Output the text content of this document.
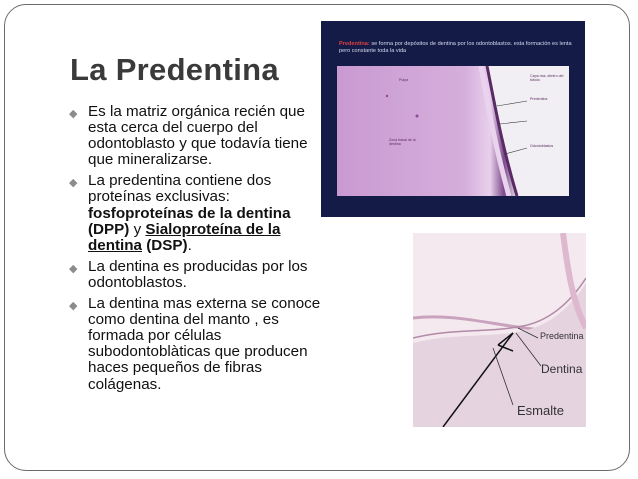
La Predentina
◆ Es la matriz orgánica recién que esta cerca del cuerpo del odontoblasto y que todavía tiene que mineralizarse.
◆ La predentina contiene dos proteínas exclusivas: fosfoproteínas de la dentina (DPP) y Sialoproteína de la dentina (DSP).
◆ La dentina es producidas por los odontoblastos.
◆ La dentina mas externa se conoce como dentina del manto , es formada por células subodontoblàticas que producen haces pequeños de fibras colágenas.
Predentina: se forma por depósitos de dentina por los odontoblastos. esta formación es lenta pero constante toda la vida
Pulpa
Zona basal de la dentina
Capa rica, dentro del túbulo
Predentina
Odontoblastos
Predentina
Dentina
Esmalte
